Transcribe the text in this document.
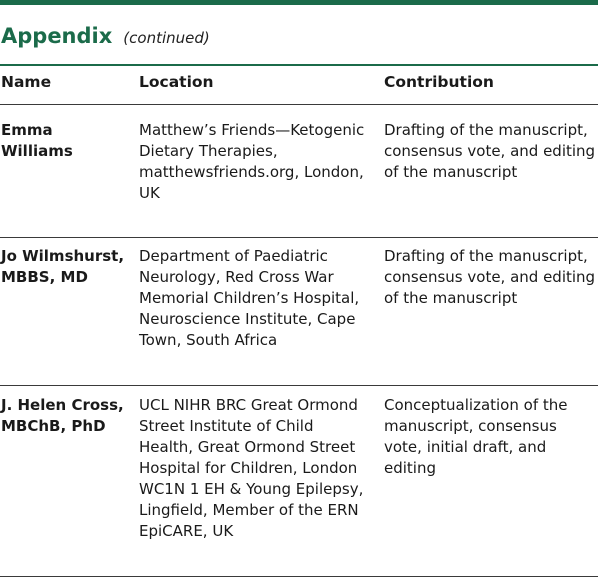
Appendix (continued)
Name	Location	Contribution
Emma Williams
Matthew’s Friends—Ketogenic Dietary Therapies, matthewsfriends.org, London, UK
Drafting of the manuscript, consensus vote, and editing of the manuscript
Jo Wilmshurst, MBBS, MD
Department of Paediatric Neurology, Red Cross War Memorial Children’s Hospital, Neuroscience Institute, Cape Town, South Africa
Drafting of the manuscript, consensus vote, and editing of the manuscript
J. Helen Cross, MBChB, PhD
UCL NIHR BRC Great Ormond Street Institute of Child Health, Great Ormond Street Hospital for Children, London WC1N 1 EH & Young Epilepsy, Lingfield, Member of the ERN EpiCARE, UK
Conceptualization of the manuscript, consensus vote, initial draft, and editing
